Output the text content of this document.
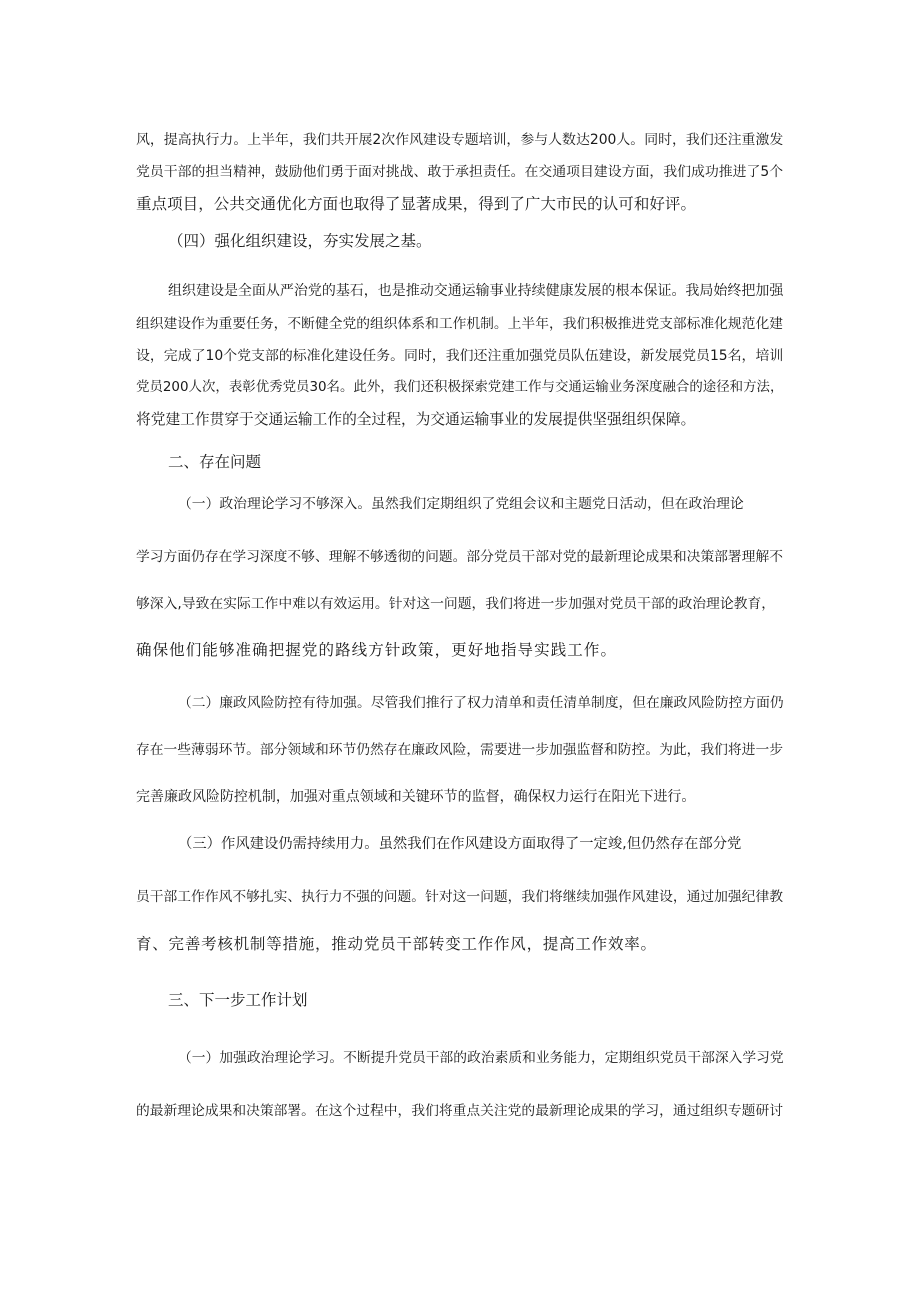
风，提高执行力。上半年，我们共开展2次作风建设专题培训，参与人数达200人。同时，我们还注重激发
党员干部的担当精神，鼓励他们勇于面对挑战、敢于承担责任。在交通项目建设方面，我们成功推进了5个
重点项目，公共交通优化方面也取得了显著成果，得到了广大市民的认可和好评。
（四）强化组织建设，夯实发展之基。
组织建设是全面从严治党的基石，也是推动交通运输事业持续健康发展的根本保证。我局始终把加强
组织建设作为重要任务，不断健全党的组织体系和工作机制。上半年，我们积极推进党支部标准化规范化建
设，完成了10个党支部的标准化建设任务。同时，我们还注重加强党员队伍建设，新发展党员15名，培训
党员200人次，表彰优秀党员30名。此外，我们还积极探索党建工作与交通运输业务深度融合的途径和方法，
将党建工作贯穿于交通运输工作的全过程，为交通运输事业的发展提供坚强组织保障。
二、存在问题
（一）政治理论学习不够深入。虽然我们定期组织了党组会议和主题党日活动，但在政治理论
学习方面仍存在学习深度不够、理解不够透彻的问题。部分党员干部对党的最新理论成果和决策部署理解不
够深入,导致在实际工作中难以有效运用。针对这一问题，我们将进一步加强对党员干部的政治理论教育，
确保他们能够准确把握党的路线方针政策，更好地指导实践工作。
（二）廉政风险防控有待加强。尽管我们推行了权力清单和责任清单制度，但在廉政风险防控方面仍
存在一些薄弱环节。部分领域和环节仍然存在廉政风险，需要进一步加强监督和防控。为此，我们将进一步
完善廉政风险防控机制，加强对重点领域和关键环节的监督，确保权力运行在阳光下进行。
（三）作风建设仍需持续用力。虽然我们在作风建设方面取得了一定竣,但仍然存在部分党
员干部工作作风不够扎实、执行力不强的问题。针对这一问题，我们将继续加强作风建设，通过加强纪律教
育、完善考核机制等措施，推动党员干部转变工作作风，提高工作效率。
三、下一步工作计划
（一）加强政治理论学习。不断提升党员干部的政治素质和业务能力，定期组织党员干部深入学习党
的最新理论成果和决策部署。在这个过程中，我们将重点关注党的最新理论成果的学习，通过组织专题研讨
